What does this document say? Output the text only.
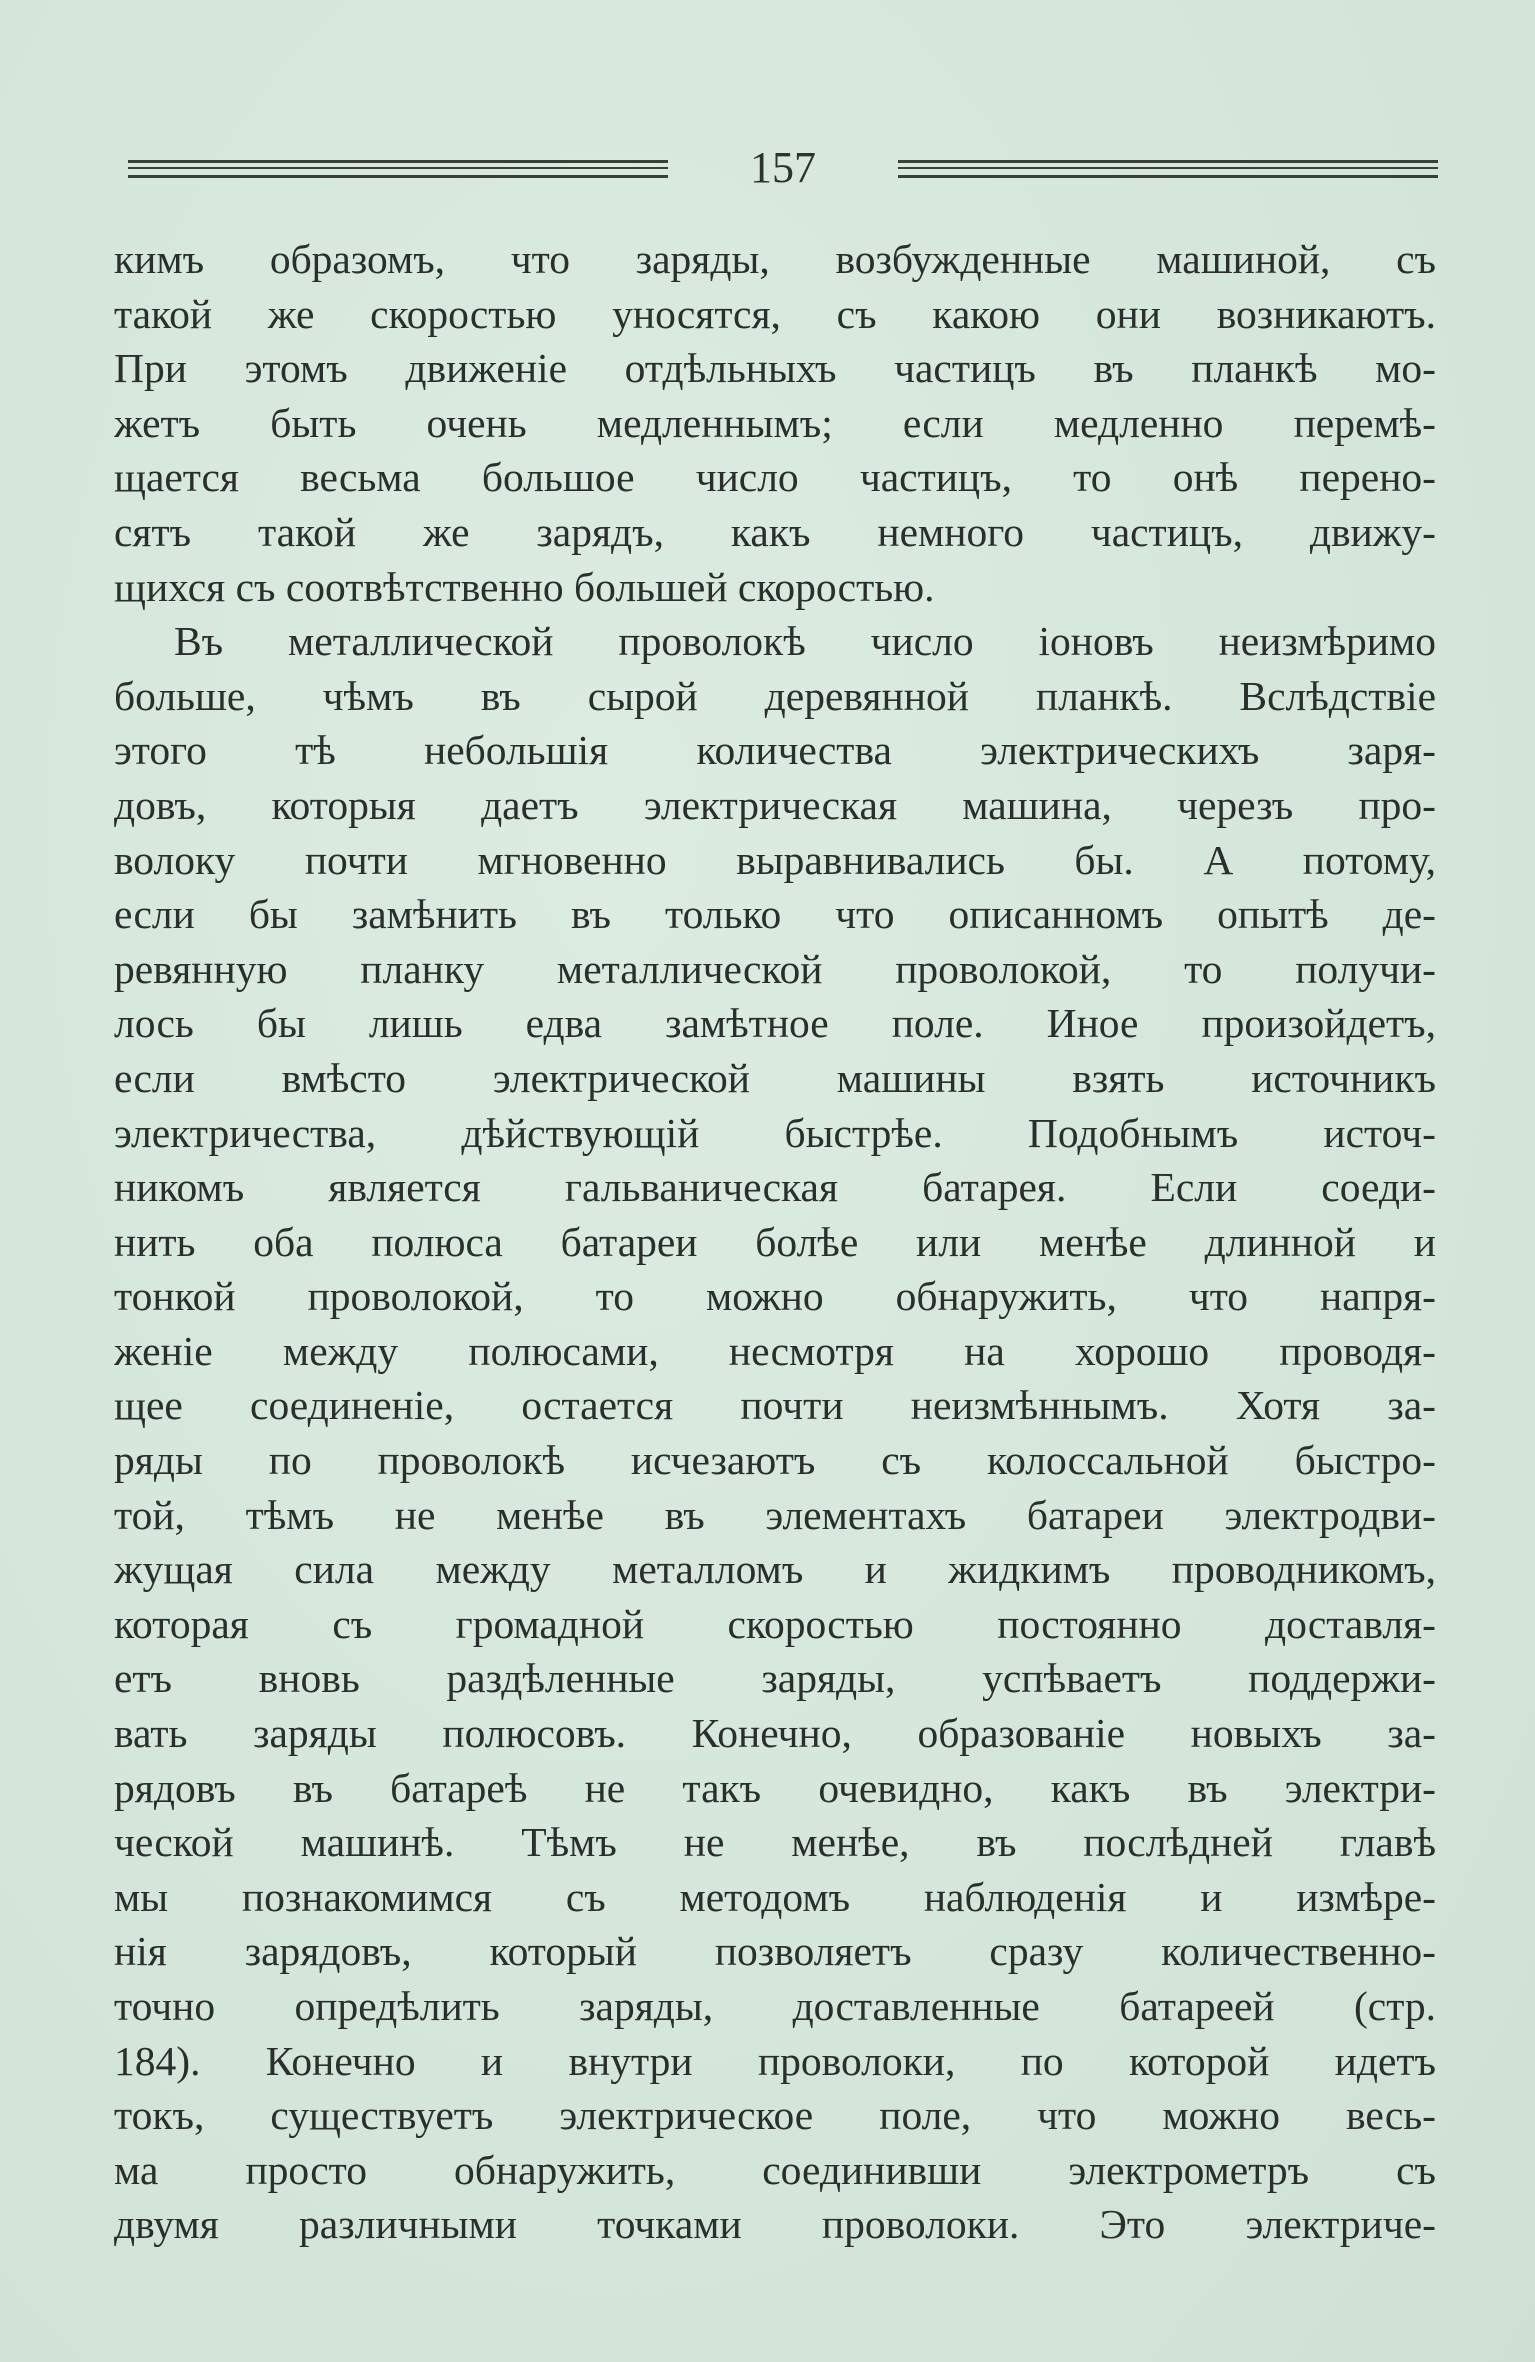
157
кимъ образомъ, что заряды, возбужденные машиной, съ
такой же скоростью уносятся, съ какою они возникаютъ.
При этомъ движенiе отдѣльныхъ частицъ въ планкѣ мо-
жетъ быть очень медленнымъ; если медленно перемѣ-
щается весьма большое число частицъ, то онѣ перено-
сятъ такой же зарядъ, какъ немного частицъ, движу-
щихся съ соотвѣтственно большей скоростью.
Въ металлической проволокѣ число iоновъ неизмѣримо
больше, чѣмъ въ сырой деревянной планкѣ. Вслѣдствiе
этого тѣ небольшiя количества электрическихъ заря-
довъ, которыя даетъ электрическая машина, черезъ про-
волоку почти мгновенно выравнивались бы. А потому,
если бы замѣнить въ только что описанномъ опытѣ де-
ревянную планку металлической проволокой, то получи-
лось бы лишь едва замѣтное поле. Иное произойдетъ,
если вмѣсто электрической машины взять источникъ
электричества, дѣйствующiй быстрѣе. Подобнымъ источ-
никомъ является гальваническая батарея. Если соеди-
нить оба полюса батареи болѣе или менѣе длинной и
тонкой проволокой, то можно обнаружить, что напря-
женiе между полюсами, несмотря на хорошо проводя-
щее соединенiе, остается почти неизмѣннымъ. Хотя за-
ряды по проволокѣ исчезаютъ съ колоссальной быстро-
той, тѣмъ не менѣе въ элементахъ батареи электродви-
жущая сила между металломъ и жидкимъ проводникомъ,
которая съ громадной скоростью постоянно доставля-
етъ вновь раздѣленные заряды, успѣваетъ поддержи-
вать заряды полюсовъ. Конечно, образованiе новыхъ за-
рядовъ въ батареѣ не такъ очевидно, какъ въ электри-
ческой машинѣ. Тѣмъ не менѣе, въ послѣдней главѣ
мы познакомимся съ методомъ наблюденiя и измѣре-
нiя зарядовъ, который позволяетъ сразу количественно-
точно опредѣлить заряды, доставленные батареей (стр.
184). Конечно и внутри проволоки, по которой идетъ
токъ, существуетъ электрическое поле, что можно весь-
ма просто обнаружить, соединивши электрометръ съ
двумя различными точками проволоки. Это электриче-
